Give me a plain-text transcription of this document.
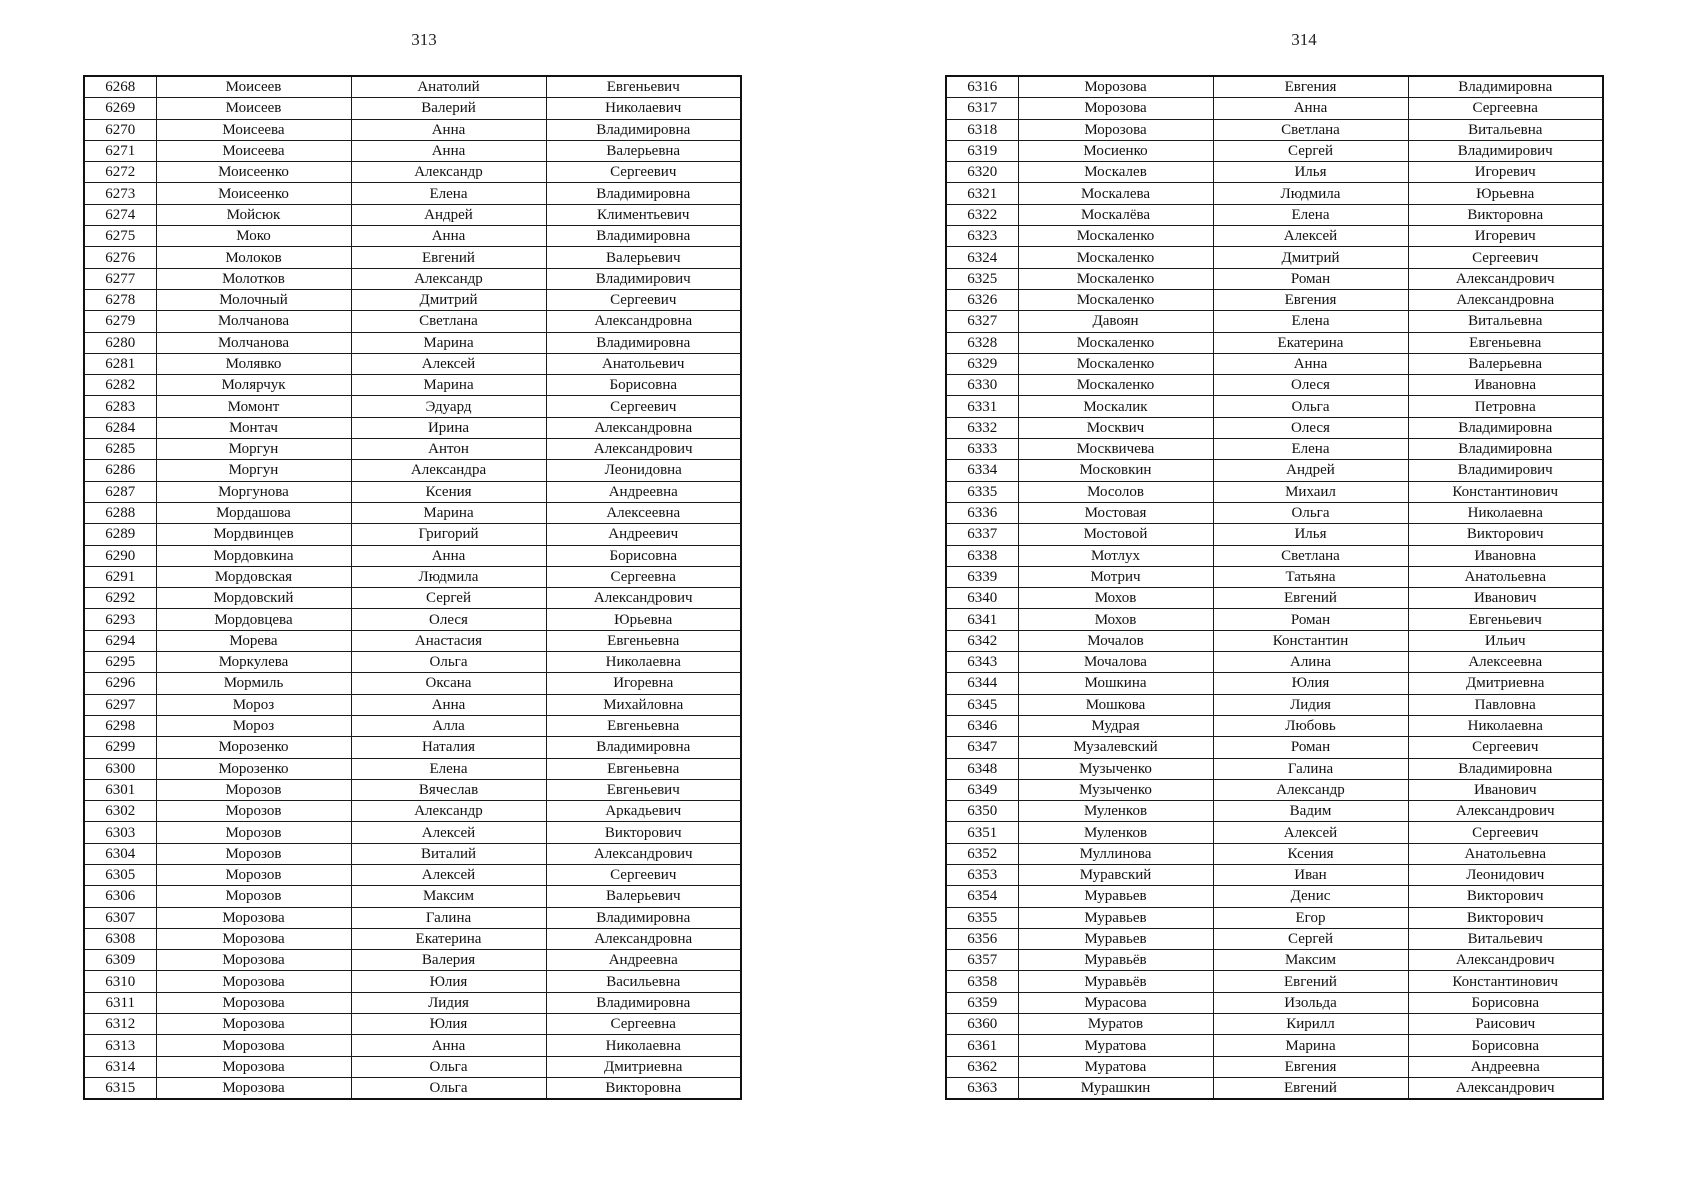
313	314
6268	Моисеев	Анатолий	Евгеньевич
6269	Моисеев	Валерий	Николаевич
6270	Моисеева	Анна	Владимировна
6271	Моисеева	Анна	Валерьевна
6272	Моисеенко	Александр	Сергеевич
6273	Моисеенко	Елена	Владимировна
6274	Мойсюк	Андрей	Климентьевич
6275	Моко	Анна	Владимировна
6276	Молоков	Евгений	Валерьевич
6277	Молотков	Александр	Владимирович
6278	Молочный	Дмитрий	Сергеевич
6279	Молчанова	Светлана	Александровна
6280	Молчанова	Марина	Владимировна
6281	Молявко	Алексей	Анатольевич
6282	Молярчук	Марина	Борисовна
6283	Момонт	Эдуард	Сергеевич
6284	Монтач	Ирина	Александровна
6285	Моргун	Антон	Александрович
6286	Моргун	Александра	Леонидовна
6287	Моргунова	Ксения	Андреевна
6288	Мордашова	Марина	Алексеевна
6289	Мордвинцев	Григорий	Андреевич
6290	Мордовкина	Анна	Борисовна
6291	Мордовская	Людмила	Сергеевна
6292	Мордовский	Сергей	Александрович
6293	Мордовцева	Олеся	Юрьевна
6294	Морева	Анастасия	Евгеньевна
6295	Моркулева	Ольга	Николаевна
6296	Мормиль	Оксана	Игоревна
6297	Мороз	Анна	Михайловна
6298	Мороз	Алла	Евгеньевна
6299	Морозенко	Наталия	Владимировна
6300	Морозенко	Елена	Евгеньевна
6301	Морозов	Вячеслав	Евгеньевич
6302	Морозов	Александр	Аркадьевич
6303	Морозов	Алексей	Викторович
6304	Морозов	Виталий	Александрович
6305	Морозов	Алексей	Сергеевич
6306	Морозов	Максим	Валерьевич
6307	Морозова	Галина	Владимировна
6308	Морозова	Екатерина	Александровна
6309	Морозова	Валерия	Андреевна
6310	Морозова	Юлия	Васильевна
6311	Морозова	Лидия	Владимировна
6312	Морозова	Юлия	Сергеевна
6313	Морозова	Анна	Николаевна
6314	Морозова	Ольга	Дмитриевна
6315	Морозова	Ольга	Викторовна
6316	Морозова	Евгения	Владимировна
6317	Морозова	Анна	Сергеевна
6318	Морозова	Светлана	Витальевна
6319	Мосиенко	Сергей	Владимирович
6320	Москалев	Илья	Игоревич
6321	Москалева	Людмила	Юрьевна
6322	Москалёва	Елена	Викторовна
6323	Москаленко	Алексей	Игоревич
6324	Москаленко	Дмитрий	Сергеевич
6325	Москаленко	Роман	Александрович
6326	Москаленко	Евгения	Александровна
6327	Давоян	Елена	Витальевна
6328	Москаленко	Екатерина	Евгеньевна
6329	Москаленко	Анна	Валерьевна
6330	Москаленко	Олеся	Ивановна
6331	Москалик	Ольга	Петровна
6332	Москвич	Олеся	Владимировна
6333	Москвичева	Елена	Владимировна
6334	Московкин	Андрей	Владимирович
6335	Мосолов	Михаил	Константинович
6336	Мостовая	Ольга	Николаевна
6337	Мостовой	Илья	Викторович
6338	Мотлух	Светлана	Ивановна
6339	Мотрич	Татьяна	Анатольевна
6340	Мохов	Евгений	Иванович
6341	Мохов	Роман	Евгеньевич
6342	Мочалов	Константин	Ильич
6343	Мочалова	Алина	Алексеевна
6344	Мошкина	Юлия	Дмитриевна
6345	Мошкова	Лидия	Павловна
6346	Мудрая	Любовь	Николаевна
6347	Музалевский	Роман	Сергеевич
6348	Музыченко	Галина	Владимировна
6349	Музыченко	Александр	Иванович
6350	Муленков	Вадим	Александрович
6351	Муленков	Алексей	Сергеевич
6352	Муллинова	Ксения	Анатольевна
6353	Муравский	Иван	Леонидович
6354	Муравьев	Денис	Викторович
6355	Муравьев	Егор	Викторович
6356	Муравьев	Сергей	Витальевич
6357	Муравьёв	Максим	Александрович
6358	Муравьёв	Евгений	Константинович
6359	Мурасова	Изольда	Борисовна
6360	Муратов	Кирилл	Раисович
6361	Муратова	Марина	Борисовна
6362	Муратова	Евгения	Андреевна
6363	Мурашкин	Евгений	Александрович
